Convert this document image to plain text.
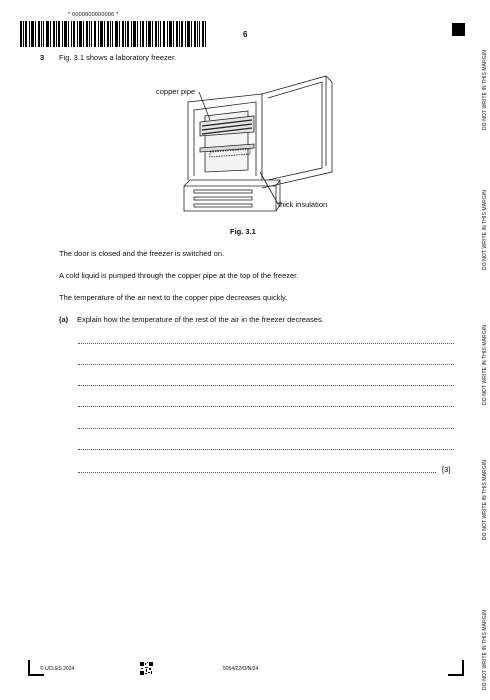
* 0000800000006 *
6
3 Fig. 3.1 shows a laboratory freezer.
copper pipe
thick insulation
Fig. 3.1
The door is closed and the freezer is switched on.
A cold liquid is pumped through the copper pipe at the top of the freezer.
The temperature of the air next to the copper pipe decreases quickly.
(a) Explain how the temperature of the rest of the air in the freezer decreases.
[3]
DO NOT WRITE IN THIS MARGIN
DO NOT WRITE IN THIS MARGIN
DO NOT WRITE IN THIS MARGIN
DO NOT WRITE IN THIS MARGIN
DO NOT WRITE IN THIS MARGIN
© UCLES 2024	5054/22/O/N/24
